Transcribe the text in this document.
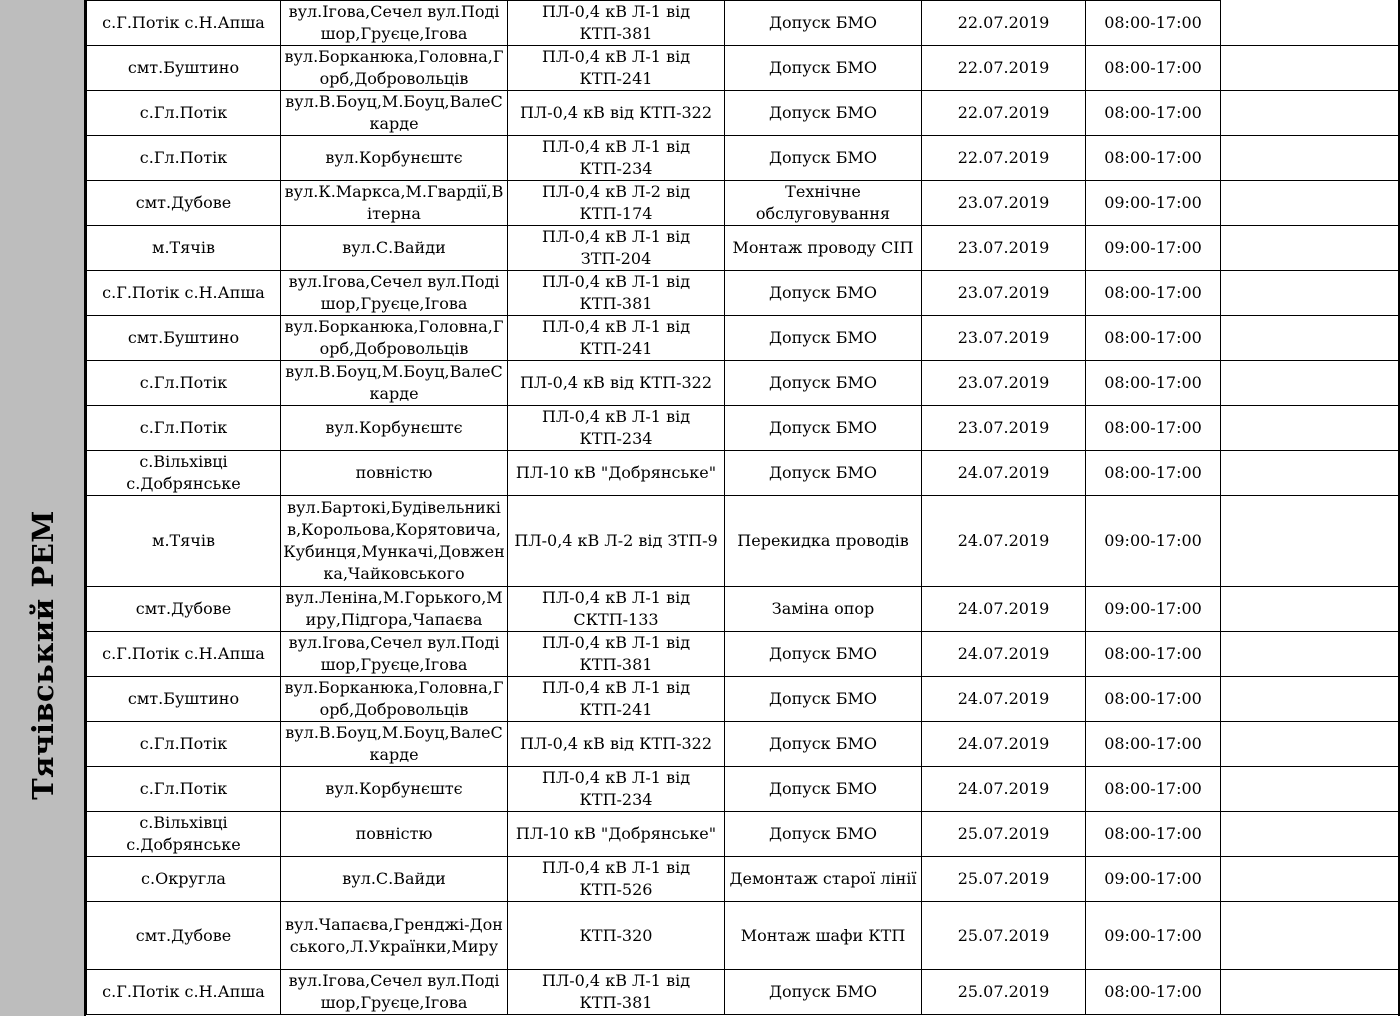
Тячівський РЕМ
с.Г.Потік с.Н.Апша	вул.Ігова,Сечел вул.Подішор,Груєце,Ігова	ПЛ-0,4 кВ Л-1 від КТП-381	Допуск БМО	22.07.2019	08:00-17:00
смт.Буштино	вул.Борканюка,Головна,Горб,Добровольців	ПЛ-0,4 кВ Л-1 від КТП-241	Допуск БМО	22.07.2019	08:00-17:00
с.Гл.Потік	вул.В.Боуц,М.Боуц,ВалеСкарде	ПЛ-0,4 кВ від КТП-322	Допуск БМО	22.07.2019	08:00-17:00
с.Гл.Потік	вул.Корбунєштє	ПЛ-0,4 кВ Л-1 від КТП-234	Допуск БМО	22.07.2019	08:00-17:00
смт.Дубове	вул.К.Маркса,М.Гвардії,Вітерна	ПЛ-0,4 кВ Л-2 від КТП-174	Технічне обслуговування	23.07.2019	09:00-17:00
м.Тячів	вул.С.Вайди	ПЛ-0,4 кВ Л-1 від ЗТП-204	Монтаж проводу СІП	23.07.2019	09:00-17:00
с.Г.Потік с.Н.Апша	вул.Ігова,Сечел вул.Подішор,Груєце,Ігова	ПЛ-0,4 кВ Л-1 від КТП-381	Допуск БМО	23.07.2019	08:00-17:00
смт.Буштино	вул.Борканюка,Головна,Горб,Добровольців	ПЛ-0,4 кВ Л-1 від КТП-241	Допуск БМО	23.07.2019	08:00-17:00
с.Гл.Потік	вул.В.Боуц,М.Боуц,ВалеСкарде	ПЛ-0,4 кВ від КТП-322	Допуск БМО	23.07.2019	08:00-17:00
с.Гл.Потік	вул.Корбунєштє	ПЛ-0,4 кВ Л-1 від КТП-234	Допуск БМО	23.07.2019	08:00-17:00
с.Вільхівці с.Добрянське	повністю	ПЛ-10 кВ "Добрянське"	Допуск БМО	24.07.2019	08:00-17:00
м.Тячів	вул.Бартокі,Будівельників,Корольова,Корятовича,Кубинця,Мункачі,Довженка,Чайковського	ПЛ-0,4 кВ Л-2 від ЗТП-9	Перекидка проводів	24.07.2019	09:00-17:00
смт.Дубове	вул.Леніна,М.Горького,Миру,Підгора,Чапаєва	ПЛ-0,4 кВ Л-1 від СКТП-133	Заміна опор	24.07.2019	09:00-17:00
с.Г.Потік с.Н.Апша	вул.Ігова,Сечел вул.Подішор,Груєце,Ігова	ПЛ-0,4 кВ Л-1 від КТП-381	Допуск БМО	24.07.2019	08:00-17:00
смт.Буштино	вул.Борканюка,Головна,Горб,Добровольців	ПЛ-0,4 кВ Л-1 від КТП-241	Допуск БМО	24.07.2019	08:00-17:00
с.Гл.Потік	вул.В.Боуц,М.Боуц,ВалеСкарде	ПЛ-0,4 кВ від КТП-322	Допуск БМО	24.07.2019	08:00-17:00
с.Гл.Потік	вул.Корбунєштє	ПЛ-0,4 кВ Л-1 від КТП-234	Допуск БМО	24.07.2019	08:00-17:00
с.Вільхівці с.Добрянське	повністю	ПЛ-10 кВ "Добрянське"	Допуск БМО	25.07.2019	08:00-17:00
с.Округла	вул.С.Вайди	ПЛ-0,4 кВ Л-1 від КТП-526	Демонтаж старої лінії	25.07.2019	09:00-17:00
смт.Дубове	вул.Чапаєва,Гренджі-Донського,Л.Українки,Миру	КТП-320	Монтаж шафи КТП	25.07.2019	09:00-17:00
с.Г.Потік с.Н.Апша	вул.Ігова,Сечел вул.Подішор,Груєце,Ігова	ПЛ-0,4 кВ Л-1 від КТП-381	Допуск БМО	25.07.2019	08:00-17:00
